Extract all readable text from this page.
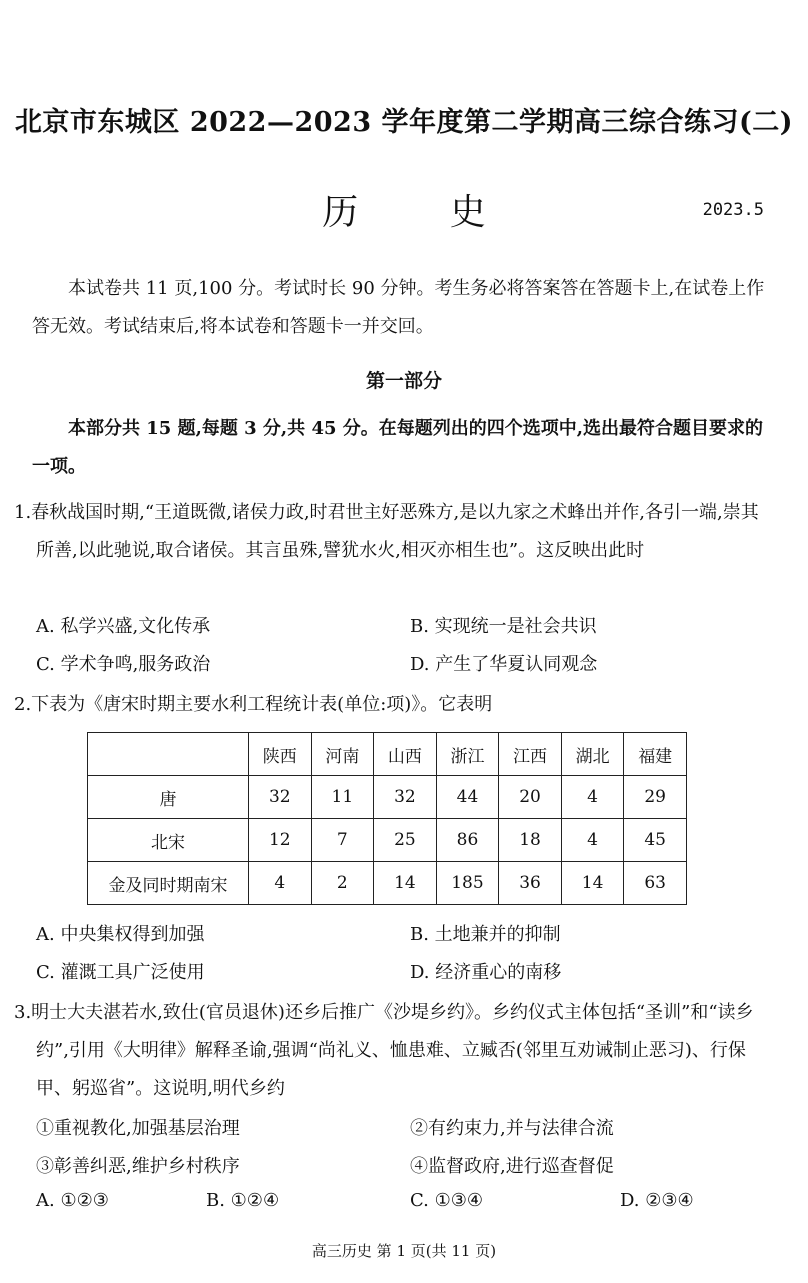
北京市东城区 2022—2023 学年度第二学期高三综合练习(二)
历 史	2023.5
本试卷共 11 页,100 分。考试时长 90 分钟。考生务必将答案答在答题卡上,在试卷上作答无效。考试结束后,将本试卷和答题卡一并交回。
第一部分
本部分共 15 题,每题 3 分,共 45 分。在每题列出的四个选项中,选出最符合题目要求的一项。
1.春秋战国时期,“王道既微,诸侯力政,时君世主好恶殊方,是以九家之术蜂出并作,各引一端,崇其所善,以此驰说,取合诸侯。其言虽殊,譬犹水火,相灭亦相生也”。这反映出此时
A. 私学兴盛,文化传承	B. 实现统一是社会共识
C. 学术争鸣,服务政治	D. 产生了华夏认同观念
2.下表为《唐宋时期主要水利工程统计表(单位:项)》。它表明
	陕西	河南	山西	浙江	江西	湖北	福建
唐	32	11	32	44	20	4	29
北宋	12	7	25	86	18	4	45
金及同时期南宋	4	2	14	185	36	14	63
A. 中央集权得到加强	B. 土地兼并的抑制
C. 灌溉工具广泛使用	D. 经济重心的南移
3.明士大夫湛若水,致仕(官员退休)还乡后推广《沙堤乡约》。乡约仪式主体包括“圣训”和“读乡约”,引用《大明律》解释圣谕,强调“尚礼义、恤患难、立臧否(邻里互劝诫制止恶习)、行保甲、躬巡省”。这说明,明代乡约
①重视教化,加强基层治理	②有约束力,并与法律合流
③彰善纠恶,维护乡村秩序	④监督政府,进行巡查督促
A. ①②③	B. ①②④	C. ①③④	D. ②③④
高三历史 第 1 页(共 11 页)
